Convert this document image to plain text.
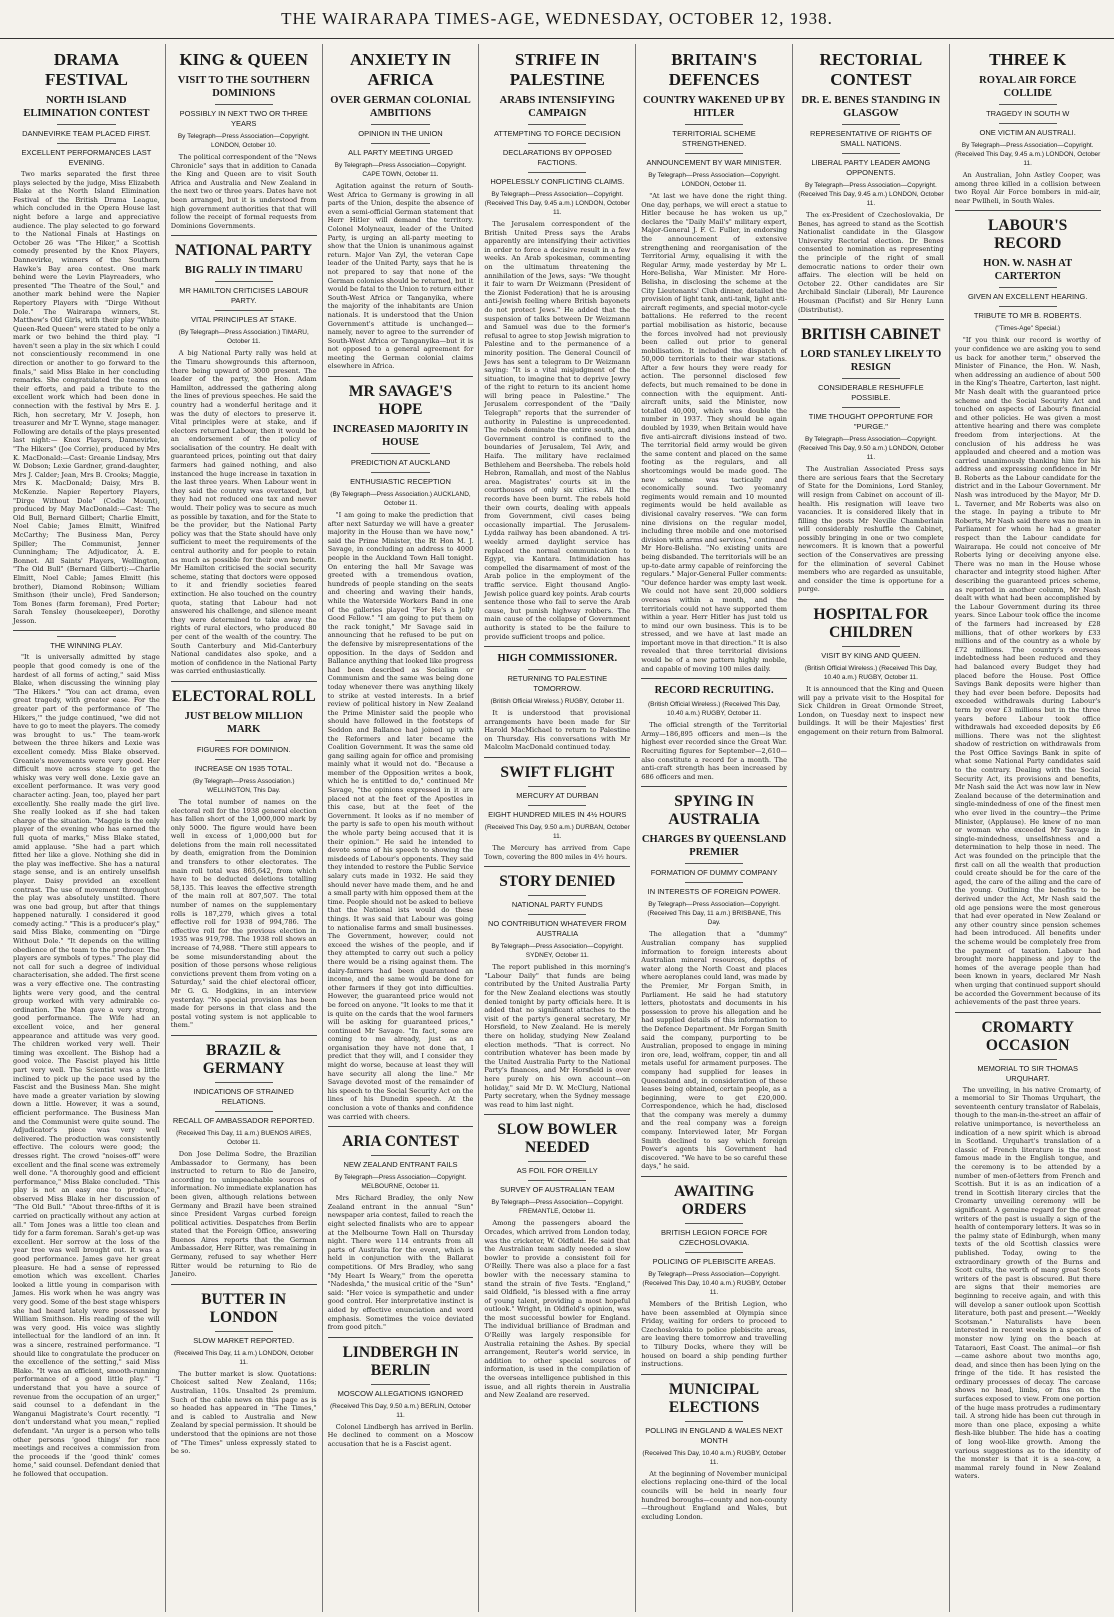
THE WAIRARAPA TIMES-AGE, WEDNESDAY, OCTOBER 12, 1938.
DRAMA FESTIVAL
NORTH ISLAND ELIMINATION CONTEST
DANNEVIRKE TEAM PLACED FIRST.
EXCELLENT PERFORMANCES LAST EVENING.

Two marks separated the first three plays selected by the judge, Miss Elizabeth Blake at the North Island Elimination Festival of the British Drama League, which concluded in the Opera House last night before a large and appreciative audience. The play selected to go forward to the National Finals at Hastings on October 26 was "The Hiker," a Scottish comedy presented by the Knox Players, Dannevirke, winners of the Southern Hawke's Bay area contest. One mark behind were the Levin Playreaders, who presented "The Theatre of the Soul," and another mark behind were the Napier Repertory Players with "Dirge Without Dole." The Wairarapa winners, St. Matthew's Old Girls, with their play "White Queen-Red Queen" were stated to be only a mark or two behind the third play. "I haven't seen a play in the six which I could not conscientiously recommend in one direction or another to go forward to the finals," said Miss Blake in her concluding remarks. She congratulated the teams on their efforts, and paid a tribute to the excellent work which had been done in connection with the festival by Mrs E. J. Rich, hon secretary, Mr V. Joseph, hon treasurer and Mr T. Wynne, stage manager. Following are details of the plays presented last night:— Knox Players, Dannevirke, "The Hikers" (Joe Corrie), produced by Mrs K. MacDonald:—Cast: Greanie Lindsay, Mrs W. Dobson; Lexie Gardner, grand-daughter, Mrs J. Calder; Jean, Mrs B. Crooks; Maggie, Mrs K. MacDonald; Daisy, Mrs B. McKenzie. Napier Repertory Players, "Dirge Without Dole" (Codie Mount), produced by May MacDonald:—Cast: The Old Bull, Bernard Gilbert; Charlie Elmitt, Noel Cabie; James Elmitt, Winifred McCarthy; The Business Man, Percy Spiller; The Communist, Jenner Cunningham; The Adjudicator, A. E. Bonnet. All Saints' Players, Wellington, "The Old Bull" (Bernard Gilbert):—Charlie Elmitt, Noel Cable; James Elmitt (his brother), Diamond Robinson; William Smithson (their uncle), Fred Sanderson; Tom Bones (farm foreman), Fred Porter; Sarah Tensley (housekeeper), Dorothy Jesson.

THE WINNING PLAY.

"It is universally admitted by stage people that good comedy is one of the hardest of all forms of acting," said Miss Blake, when discussing the winning play "The Hikers." "You can act drama, even great tragedy, with greater ease. For the greater part of the performance of 'The Hikers,'" the judge continued, "we did not have to go to meet the players. The comedy was brought to us." The team-work between the three hikers and Lexie was excellent comedy. Miss Blake observed. Greanie's movements were very good. Her difficult move across stage to get the whisky was very well done. Lexie gave an excellent performance. It was very good character acting. Jean, too, played her part excellently. She really made the girl live. She really looked as if she had taken charge of the situation. "Maggie is the only player of the evening who has earned the full quota of marks," Miss Blake stated, amid applause. "She had a part which fitted her like a glove. Nothing she did in the play was ineffective. She has a natural stage sense, and is an entirely unselfish player. Daisy provided an excellent contrast. The use of movement throughout the play was absolutely unstilted. There was one bad group, but after that things happened naturally. I considered it good comedy acting." "This is a producer's play," said Miss Blake, commenting on "Dirge Without Dole." "It depends on the willing obedience of the team to the producer. The players are symbols of types." The play did not call for such a degree of individual characterisation, she added. The first scene was a very effective one. The contrasting lights were very good, and the central group worked with very admirable co-ordination. The Man gave a very strong, good performance. The Wife had an excellent voice, and her general appearance and attitude was very good. The children worked very well. Their timing was excellent. The Bishop had a good voice. The Fascist played his little part very well. The Scientist was a little inclined to pick up the pace used by the Fascist and the Business Man. She might have made a greater variation by slowing down a little. However, it was a sound, efficient performance. The Business Man and the Communist were quite sound. The Adjudicator's piece was very well delivered. The production was consistently effective. The colours were good; the dresses right. The crowd "noises-off" were excellent and the final scene was extremely well done. "A thoroughly good and efficient performance," Miss Blake concluded. "This play is not an easy one to produce," observed Miss Blake in her discussion of "The Old Bull." "About three-fifths of it is carried on practically without any action at all." Tom Jones was a little too clean and tidy for a farm foreman. Sarah's get-up was excellent. Her sorrow at the loss of the year tree was well brought out. It was a good performance. James gave her great pleasure. He had a sense of repressed emotion which was excellent. Charles looked a little young in comparison with James. His work when he was angry was very good. Some of the best stage whispers she had heard lately were possessed by William Smithson. His reading of the will was very good. His voice was slightly intellectual for the landlord of an inn. It was a sincere, restrained performance. "I should like to congratulate the producer on the excellence of the setting," said Miss Blake. "It was an efficient, smooth-running performance of a good little play." "I understand that you have a source of revenue from the occupation of an urger," said counsel to a defendant in the Wanganui Magistrate's Court recently. "I don't understand what you mean," replied defendant. "An urger is a person who tells other persons 'good things' for race meetings and receives a commission from the proceeds if the 'good think' comes home," said counsel. Defendant denied that he followed that occupation.

KING & QUEEN
VISIT TO THE SOUTHERN DOMINIONS
POSSIBLY IN NEXT TWO OR THREE YEARS
By Telegraph—Press Association—Copyright. LONDON, October 10.

The political correspondent of the "News Chronicle" says that in addition to Canada the King and Queen are to visit South Africa and Australia and New Zealand in the next two or three years. Dates have not been arranged, but it is understood from high government authorities that that will follow the receipt of formal requests from Dominions Governments.

NATIONAL PARTY
BIG RALLY IN TIMARU
MR HAMILTON CRITICISES LABOUR PARTY.
VITAL PRINCIPLES AT STAKE.
(By Telegraph—Press Association.) TIMARU, October 11.

A big National Party rally was held at the Timaru showgrounds this afternoon, there being upward of 3000 present. The leader of the party, the Hon. Adam Hamilton, addressed the gathering along the lines of previous speeches. He said the country had a wonderful heritage and it was the duty of electors to preserve it. Vital principles were at stake, and if electors returned Labour, then it would be an endorsement of the policy of socialisation of the country. He dealt with guaranteed prices, pointing out that dairy farmers had gained nothing, and also instanced the huge increase in taxation in the last three years. When Labour went in they said the country was overtaxed, but they had not reduced one tax and never would. Their policy was to secure as much as possible by taxation, and for the State to be the provider, but the National Party policy was that the State should have only sufficient to meet the requirements of the central authority and for people to retain as much as possible for their own benefit. Mr Hamilton criticised the social security scheme, stating that doctors were opposed to it and friendly societies feared extinction. He also touched on the country quota, stating that Labour had not answered his challenge, and silence meant they were determined to take away the rights of rural electors, who produced 80 per cent of the wealth of the country. The South Canterbury and Mid-Canterbury National candidates also spoke, and a motion of confidence in the National Party was carried enthusiastically.

ELECTORAL ROLL
JUST BELOW MILLION MARK
FIGURES FOR DOMINION.
INCREASE ON 1935 TOTAL.
(By Telegraph—Press Association.) WELLINGTON, This Day.

The total number of names on the electoral roll for the 1938 general election has fallen short of the 1,000,000 mark by only 5000. The figure would have been well in excess of 1,000,000 but for deletions from the main roll necessitated by death, emigration from the Dominion and transfers to other electorates. The main roll total was 865,642, from which have to be deducted deletions totalling 58,135. This leaves the effective strength of the main roll at 807,507. The total number of names on the supplementary rolls is 187,279, which gives a total effective roll for 1938 of 994,786. The effective roll for the previous election in 1935 was 919,798. The 1938 roll shows an increase of 74,988. "There still appears to be some misunderstanding about the position of those persons whose religious convictions prevent them from voting on a Saturday," said the chief electoral officer, Mr G. G. Hodgkins, in an interview yesterday. "No special provision has been made for persons in that class and the postal voting system is not applicable to them."

BRAZIL & GERMANY
INDICATIONS OF STRAINED RELATIONS.
RECALL OF AMBASSADOR REPORTED.
(Received This Day, 11 a.m.) BUENOS AIRES, October 11.

Don Jose Delima Sodre, the Brazilian Ambassador to Germany, has been instructed to return to Rio de Janeiro, according to unimpeachable sources of information. No immediate explanation has been given, although relations between Germany and Brazil have been strained since President Vargas curbed foreign political activities. Despatches from Berlin stated that the Foreign Office, answering Buenos Aires reports that the German Ambassador, Herr Ritter, was remaining in Germany, refused to say whether Herr Ritter would be returning to Rio de Janeiro.

BUTTER IN LONDON
SLOW MARKET REPORTED.
(Received This Day, 11 a.m.) LONDON, October 11.

The butter market is slow. Quotations: Choicest salted New Zealand, 116s; Australian, 110s. Unsalted 2s premium. Such of the cable news on this page as is so headed has appeared in "The Times," and is cabled to Australia and New Zealand by special permission. It should be understood that the opinions are not those of "The Times" unless expressly stated to be so.

ANXIETY IN AFRICA
OVER GERMAN COLONIAL AMBITIONS
OPINION IN THE UNION
ALL PARTY MEETING URGED
By Telegraph—Press Association—Copyright. CAPE TOWN, October 11.

Agitation against the return of South-West Africa to Germany is growing in all parts of the Union, despite the absence of even a semi-official German statement that Herr Hitler will demand the territory. Colonel Molyneaux, leader of the United Party, is urging an all-party meeting to show that the Union is unanimous against return. Major Van Zyl, the veteran Cape leader of the United Party, says that he is not prepared to say that none of the German colonies should be returned, but it would be fatal to the Union to return either South-West Africa or Tanganyika, where the majority of the inhabitants are Union nationals. It is understood that the Union Government's attitude is unchanged—namely, never to agree to the surrender of South-West Africa or Tanganyika—but it is not opposed to a general agreement for meeting the German colonial claims elsewhere in Africa.

MR SAVAGE'S HOPE
INCREASED MAJORITY IN HOUSE
PREDICTION AT AUCKLAND
ENTHUSIASTIC RECEPTION
(By Telegraph—Press Association.) AUCKLAND, October 11.

"I am going to make the prediction that after next Saturday we will have a greater majority in the House than we have now," said the Prime Minister, the Rt Hon M. J. Savage, in concluding an address to 4000 people in the Auckland Town Hall tonight. On entering the hall Mr Savage was greeted with a tremendous ovation, hundreds of people standing on the seats and cheering and waving their hands, while the Waterside Workers Band in one of the galleries played "For He's a Jolly Good Fellow." "I am going to put them on the rack tonight," Mr Savage said in announcing that he refused to be put on the defensive by misrepresentations of the opposition. In the days of Seddon and Ballance anything that looked like progress had been described as Socialism or Communism and the same was being done today whenever there was anything likely to strike at vested interests. In a brief review of political history in New Zealand the Prime Minister said the people who should have followed in the footsteps of Seddon and Ballance had joined up with the Reformers and later became the Coalition Government. It was the same old gang sailing again for office and promising mainly what it would not do. "Because a member of the Opposition writes a book, which he is entitled to do," continued Mr Savage, "the opinions expressed in it are placed not at the feet of the Apostles in this case, but at the feet of the Government. It looks as if no member of the party is safe to open his mouth without the whole party being accused that it is their opinion." He said he intended to devote some of his speech to showing the misdeeds of Labour's opponents. They said they intended to restore the Public Service salary cuts made in 1932. He said they should never have made them, and he and a small party with him opposed them at the time. People should not be asked to believe that the National ists would do these things. It was said that Labour was going to nationalise farms and small businesses. The Government, however, could not exceed the wishes of the people, and if they attempted to carry out such a policy there would be a rising against them. The dairy-farmers had been guaranteed an income, and the same would be done for other farmers if they got into difficulties. However, the guaranteed price would not be forced on anyone. "It looks to me that it is quite on the cards that the wool farmers will be asking for guaranteed prices," continued Mr Savage. "In fact, some are coming to me already, just as an organisation they have not done that, I predict that they will, and I consider they might do worse, because at least they will have security all along the line." Mr Savage devoted most of the remainder of his speech to the Social Security Act on the lines of his Dunedin speech. At the conclusion a vote of thanks and confidence was carried with cheers.

ARIA CONTEST
NEW ZEALAND ENTRANT FAILS
By Telegraph—Press Association—Copyright. MELBOURNE, October 11.

Mrs Richard Bradley, the only New Zealand entrant in the annual "Sun" newspaper aria contest, failed to reach the eight selected finalists who are to appear at the Melbourne Town Hall on Thursday night. There were 114 entrants from all parts of Australia for the event, which is held in conjunction with the Ballarat competitions. Of Mrs Bradley, who sang "My Heart Is Weary," from the operetta "Nadeshda," the musical critic of the "Sun" said: "Her voice is sympathetic and under good control. Her interpretative instinct is aided by effective enunciation and word emphasis. Sometimes the voice deviated from good pitch."

LINDBERGH IN BERLIN
MOSCOW ALLEGATIONS IGNORED
(Received This Day, 9.50 a.m.) BERLIN, October 11.

Colonel Lindbergh has arrived in Berlin. He declined to comment on a Moscow accusation that he is a Fascist agent.

STRIFE IN PALESTINE
ARABS INTENSIFYING CAMPAIGN
ATTEMPTING TO FORCE DECISION
DECLARATIONS BY OPPOSED FACTIONS.
HOPELESSLY CONFLICTING CLAIMS.
By Telegraph—Press Association—Copyright. (Received This Day, 9.45 a.m.) LONDON, October 11.

The Jerusalem correspondent of the British United Press says the Arabs apparently are intensifying their activities in order to force a decisive result in a few weeks. An Arab spokesman, commenting on the ultimatum threatening the annihilation of the Jews, says: "We thought it fair to warn Dr Weizmann (President of the Zionist Federation) that he is arousing anti-Jewish feeling where British bayonets do not protect Jews." He added that the suspension of talks between Dr Weizmann and Samuel was due to the former's refusal to agree to stop Jewish migration to Palestine and to the permanence of a minority position. The General Council of Jews has sent a telegram to Dr Weizmann saying: "It is a vital misjudgment of the situation, to imagine that to deprive Jewry of the right to return to its ancient home will bring peace in Palestine." The Jerusalem correspondent of the "Daily Telegraph" reports that the surrender of authority in Palestine is unprecedented. The rebels dominate the entire south, and Government control is confined to the boundaries of Jerusalem, Tel Aviv, and Haifa. The military have reclaimed Bethlehem and Beersheba. The rebels hold Hebron, Ramallah, and most of the Nablus area. Magistrates' courts sit in the courthouses of only six cities. All the records have been burnt. The rebels hold their own courts, dealing with appeals from Government, civil cases being occasionally impartial. The Jerusalem-Lydda railway has been abandoned. A tri-weekly armed daylight service has replaced the normal communication to Egypt, via Kantara. Intimidation has compelled the disarmament of most of the Arab police in the employment of the traffic service. Eight thousand Anglo-Jewish police guard key points. Arab courts sentence those who fail to serve the Arab cause, but punish highway robbers. The main cause of the collapse of Government authority is stated to be the failure to provide sufficient troops and police.

HIGH COMMISSIONER.
RETURNING TO PALESTINE TOMORROW.
(British Official Wireless.) RUGBY, October 11.

It is understood that provisional arrangements have been made for Sir Harold MacMichael to return to Palestine on Thursday. His conversations with Mr Malcolm MacDonald continued today.

SWIFT FLIGHT
MERCURY AT DURBAN
EIGHT HUNDRED MILES IN 4½ HOURS
(Received This Day, 9.50 a.m.) DURBAN, October 11.

The Mercury has arrived from Cape Town, covering the 800 miles in 4½ hours.

STORY DENIED
NATIONAL PARTY FUNDS
NO CONTRIBUTION WHATEVER FROM AUSTRALIA
By Telegraph—Press Association—Copyright. SYDNEY, October 11.

The report published in this morning's "Labour Daily" that funds are being contributed by the United Australia Party for the New Zealand elections was stoutly denied tonight by party officials here. It is added that no significant attaches to the visit of the party's general secretary, Mr Horsfield, to New Zealand. He is merely there on holiday, studying New Zealand election methods. "That is correct. No contribution whatever has been made by the United Australia Party to the National Party's finances, and Mr Horsfield is over here purely on his own account—on holiday," said Mr D. W. McClurg, National Party secretary, when the Sydney message was read to him last night.

SLOW BOWLER NEEDED
AS FOIL FOR O'REILLY
SURVEY OF AUSTRALIAN TEAM
By Telegraph—Press Association—Copyright. FREMANTLE, October 11.

Among the passengers aboard the Orcades, which arrived from London today, was the cricketer, W. Oldfield. He said that the Australian team sadly needed a slow bowler to provide a consistent foil for O'Reilly. There was also a place for a fast bowler with the necessary stamina to stand the strain of five Tests. "England," said Oldfield, "is blessed with a fine array of young talent, providing a most hopeful outlook." Wright, in Oldfield's opinion, was the most successful bowler for England. The individual brilliance of Bradman and O'Reilly was largely responsible for Australia retaining the Ashes. By special arrangement, Reuter's world service, in addition to other special sources of information, is used in the compilation of the overseas intelligence published in this issue, and all rights therein in Australia and New Zealand are reserved.

BRITAIN'S DEFENCES
COUNTRY WAKENED UP BY HITLER
TERRITORIAL SCHEME STRENGTHENED.
ANNOUNCEMENT BY WAR MINISTER.
By Telegraph—Press Association—Copyright. LONDON, October 11.

"At last we have done the right thing. One day, perhaps, we will erect a statue to Hitler because he has woken us up," declares the "Daily Mail's" military expert, Major-General J. F. C. Fuller, in endorsing the announcement of extensive strengthening and reorganisation of the Territorial Army, equalising it with the Regular Army, made yesterday by Mr L. Hore-Belisha, War Minister. Mr Hore-Belisha, in disclosing the scheme at the City Lieutenants' Club dinner, detailed the provision of light tank, anti-tank, light anti-aircraft regiments, and special motor-cycle battalions. He referred to the recent partial mobilisation as historic, because the forces involved had not previously been called out prior to general mobilisation. It included the dispatch of 50,000 territorials to their war stations. After a few hours they were ready for action. The personnel disclosed few defects, but much remained to be done in connection with the equipment. Anti-aircraft units, said the Minister, now totalled 40,000, which was double the number in 1937. They should be again doubled by 1939, when Britain would have five anti-aircraft divisions instead of two. The territorial field army would be given the same content and placed on the same footing as the regulars, and all shortcomings would be made good. The new scheme was tactically and economically sound. Two yeomanry regiments would remain and 10 mounted regiments would be held available as divisional cavalry reserves. "We can form nine divisions on the regular model, including three mobile and one motorised division with arms and services," continued Mr Hore-Belisha. "No existing units are being disbanded. The territorials will be an up-to-date army capable of reinforcing the regulars." Major-General Fuller comments: "Our defence harder was empty last week. We could not have sent 20,000 soldiers overseas within a month, and the territorials could not have supported them within a year. Herr Hitler has just told us to mind our own business. This is to be stressed, and we have at last made an important move in that direction." It is also revealed that three territorial divisions would be of a new pattern highly mobile, and capable of moving 100 miles daily.

RECORD RECRUITING.
(British Official Wireless.) (Received This Day, 10.40 a.m.) RUGBY, October 11.

The official strength of the Territorial Army—186,895 officers and men—is the highest ever recorded since the Great War. Recruiting figures for September—2,610—also constitute a record for a month. The anti-craft strength has been increased by 686 officers and men.

SPYING IN AUSTRALIA
CHARGES BY QUEENSLAND PREMIER
FORMATION OF DUMMY COMPANY
IN INTERESTS OF FOREIGN POWER.
By Telegraph—Press Association—Copyright. (Received This Day, 11 a.m.) BRISBANE, This Day.

The allegation that a "dummy" Australian company has supplied information to foreign interests about Australian mineral resources, depths of water along the North Coast and places where aeroplanes could land, was made by the Premier, Mr Forgan Smith, in Parliament. He said he had statutory letters, photostats and documents in his possession to prove his allegation and he had supplied details of this information to the Defence Department. Mr Forgan Smith said the company, purporting to be Australian, proposed to engage in mining iron ore, lead, wolfram, copper, tin and all metals useful for armament purposes. The company had supplied for leases in Queensland and, in consideration of these leases being obtained, certain people, as a beginning, were to get £20,000. Correspondence, which he had, disclosed that the company was merely a dummy and the real company was a foreign company. Interviewed later, Mr Forgan Smith declined to say which foreign Power's agents his Government had discovered. "We have to be so careful these days," he said.

AWAITING ORDERS
BRITISH LEGION FORCE FOR CZECHOSLOVAKIA.
POLICING OF PLEBISCITE AREAS.
By Telegraph—Press Association—Copyright. (Received This Day, 10.40 a.m.) RUGBY, October 11.

Members of the British Legion, who have been assembled at Olympia since Friday, waiting for orders to proceed to Czechoslovakia to police plebiscite areas, are leaving there tomorrow and travelling to Tilbury Docks, where they will be housed on board a ship pending further instructions.

MUNICIPAL ELECTIONS
POLLING IN ENGLAND & WALES NEXT MONTH
(Received This Day, 10.40 a.m.) RUGBY, October 11.

At the beginning of November municipal elections replacing one-third of the local councils will be held in nearly four hundred boroughs—county and non-county—throughout England and Wales, but excluding London.

RECTORIAL CONTEST
DR. E. BENES STANDING IN GLASGOW
REPRESENTATIVE OF RIGHTS OF SMALL NATIONS.
LIBERAL PARTY LEADER AMONG OPPONENTS.
By Telegraph—Press Association—Copyright. (Received This Day, 9.45 a.m.) LONDON, October 11.

The ex-President of Czechoslovakia, Dr Benes, has agreed to stand as the Scottish Nationalist candidate in the Glasgow University Rectorial election. Dr Benes consented to nomination as representing the principle of the right of small democratic nations to order their own affairs. The election will be held on October 22. Other candidates are Sir Archibald Sinclair (Liberal), Mr Laurence Housman (Pacifist) and Sir Henry Lunn (Distributist).

BRITISH CABINET
LORD STANLEY LIKELY TO RESIGN
CONSIDERABLE RESHUFFLE POSSIBLE.
TIME THOUGHT OPPORTUNE FOR "PURGE."
By Telegraph—Press Association—Copyright. (Received This Day, 9.50 a.m.) LONDON, October 11.

The Australian Associated Press says there are serious fears that the Secretary of State for the Dominions, Lord Stanley, will resign from Cabinet on account of ill-health. His resignation will leave two vacancies. It is considered likely that in filling the posts Mr Neville Chamberlain will considerably reshuffle the Cabinet, possibly bringing in one or two complete newcomers. It is known that a powerful section of the Conservatives are pressing for the elimination of several Cabinet members who are regarded as unsuitable, and consider the time is opportune for a purge.

HOSPITAL FOR CHILDREN
VISIT BY KING AND QUEEN.
(British Official Wireless.) (Received This Day, 10.40 a.m.) RUGBY, October 11.

It is announced that the King and Queen will pay a private visit to the Hospital for Sick Children in Great Ormonde Street, London, on Tuesday next to inspect new buildings. It will be their Majesties' first engagement on their return from Balmoral.

THREE K
ROYAL AIR FORCE COLLIDE
TRAGEDY IN SOUTH W
ONE VICTIM AN AUSTRALI.
By Telegraph—Press Association—Copyright. (Received This Day, 9.45 a.m.) LONDON, October 11.

An Australian, John Astley Cooper, was among three killed in a collision between two Royal Air Force bombers in mid-air, near Pwllheli, in South Wales.

LABOUR'S RECORD
HON. W. NASH AT CARTERTON
GIVEN AN EXCELLENT HEARING.
TRIBUTE TO MR B. ROBERTS.
("Times-Age" Special.)

"If you think our record is worthy of your confidence we are asking you to send us back for another term," observed the Minister of Finance, the Hon. W. Nash, when addressing an audience of about 500 in the King's Theatre, Carterton, last night. Mr Nash dealt with the guaranteed price scheme and the Social Security Act and touched on aspects of Labour's financial and other policies. He was given a most attentive hearing and there was complete freedom from interjections. At the conclusion of his address he was applauded and cheered and a motion was carried unanimously thanking him for his address and expressing confidence in Mr B. Roberts as the Labour candidate for the district and in the Labour Government. Mr Nash was introduced by the Mayor, Mr D. L. Taverner, and Mr Roberts was also on the stage. In paying a tribute to Mr Roberts, Mr Nash said there was no man in Parliament for whom he had a greater respect than the Labour candidate for Wairarapa. He could not conceive of Mr Roberts lying or deceiving anyone else. There was no man in the House whose character and integrity stood higher. After describing the guaranteed prices scheme, as reported in another column, Mr Nash dealt with what had been accomplished by the Labour Government during its three years. Since Labour took office the income of the farmers had increased by £28 millions, that of other workers by £33 millions and of the country as a whole by £72 millions. The country's overseas indebtedness had been reduced and they had balanced every Budget they had placed before the House. Post Office Savings Bank deposits were higher than they had ever been before. Deposits had exceeded withdrawals during Labour's term by over £3 millions but in the three years before Labour took office withdrawals had exceeded deposits by £6 millions. There was not the slightest shadow of restriction on withdrawals from the Post Office Savings Bank in spite of what some National Party candidates said to the contrary. Dealing with the Social Security Act, its provisions and benefits, Mr Nash said the Act was now law in New Zealand because of the determination and single-mindedness of one of the finest men who ever lived in the country—the Prime Minister, (Applause). He knew of no man or woman who exceeded Mr Savage in single-mindedness, unselfishness and a determination to help those in need. The Act was founded on the principle that the first call on all the wealth that production could create should be for the care of the aged, the care of the ailing and the care of the young. Outlining the benefits to be derived under the Act, Mr Nash said the old age pensions were the most generous that had ever operated in New Zealand or any other country since pension schemes had been introduced. All benefits under the scheme would be completely free from the payment of taxation. Labour had brought more happiness and joy to the homes of the average people than had been known in years, declared Mr Nash when urging that continued support should be accorded the Government because of its achievements of the past three years.

CROMARTY OCCASION
MEMORIAL TO SIR THOMAS URQUHART.

The unveiling, in his native Cromarty, of a memorial to Sir Thomas Urquhart, the seventeenth century translator of Rabelais, though to the man-in-the-street an affair of relative unimportance, is nevertheless an indication of a new spirit which is abroad in Scotland. Urquhart's translation of a classic of French literature is the most famous made in the English tongue, and the ceremony is to be attended by a number of men-of-letters from French and Scottish. But it is as an indication of a trend in Scottish literary circles that the Cromarty unveiling ceremony will be significant. A genuine regard for the great writers of the past is usually a sign of the health of contemporary letters. It was so in the palmy state of Edinburgh, when many texts of the old Scottish classics were published. Today, owing to the extraordinary growth of the Burns and Scott cults, the worth of many great Scots writers of the past is obscured. But there are signs that their memories are beginning to receive again, and with this will develop a saner outlook upon Scottish literature, both past and present.—"Weekly Scotsman." Naturalists have been interested in recent weeks in a species of monster now lying on the beach at Tataraori, East Coast. The animal—or fish—came ashore about two months ago, dead, and since then has been lying on the fringe of the tide. It has resisted the ordinary processes of decay. The carcase shows no head, limbs, or fins on the surfaces exposed to view. From one portion of the huge mass protrudes a rudimentary tail. A strong hide has been cut through in more than one place, exposing a white flesh-like blubber. The hide has a coating of long wool-like growth. Among the various suggestions as to the identity of the monster is that it is a sea-cow, a mammal rarely found in New Zealand waters.
